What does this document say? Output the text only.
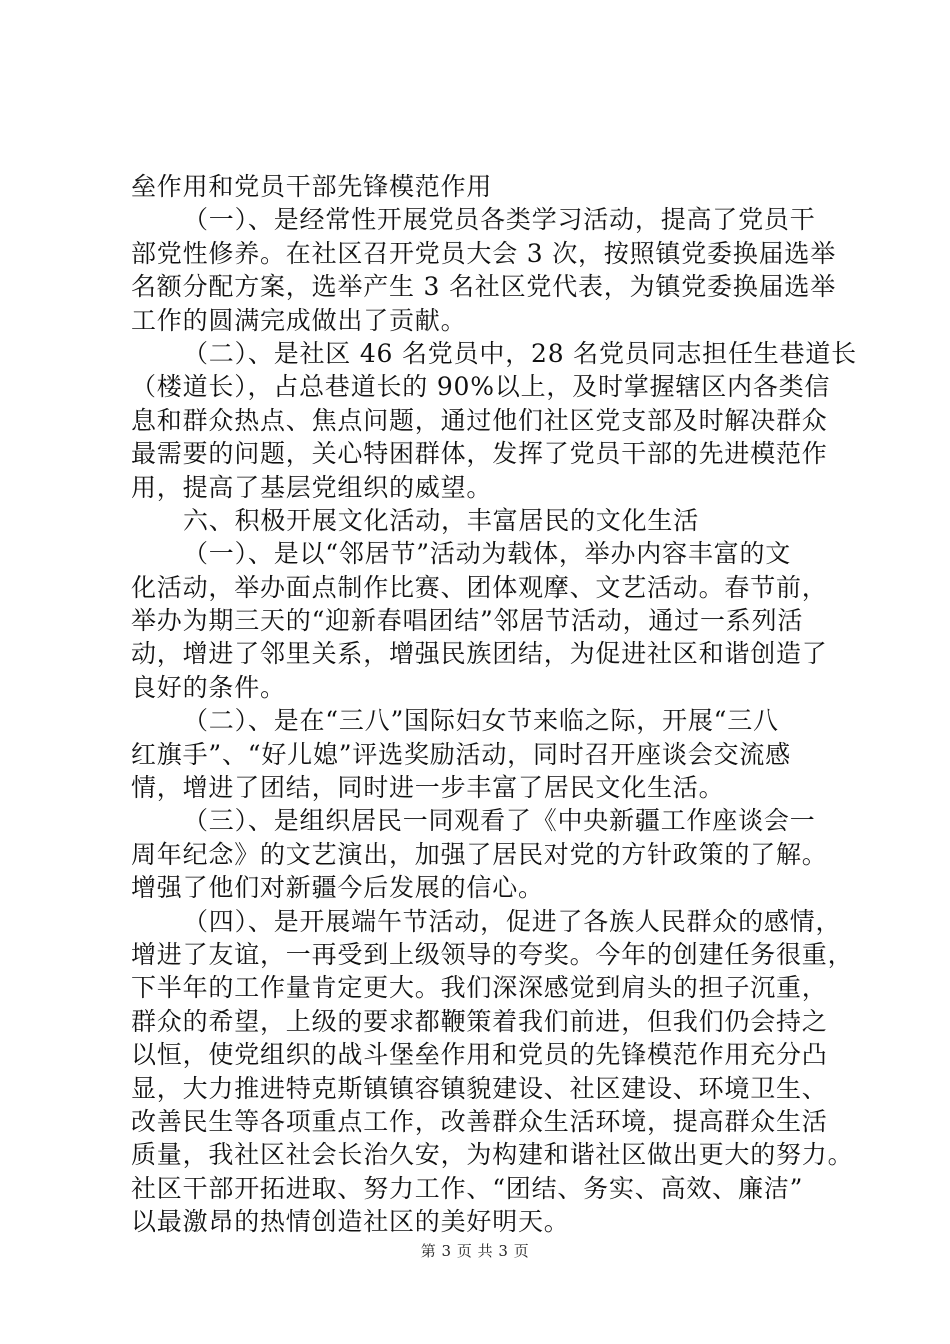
垒作用和党员干部先锋模范作用
（一）、是经常性开展党员各类学习活动，提高了党员干
部党性修养。在社区召开党员大会 3 次，按照镇党委换届选举
名额分配方案，选举产生 3 名社区党代表，为镇党委换届选举
工作的圆满完成做出了贡献。
（二）、是社区 46 名党员中，28 名党员同志担任生巷道长
（楼道长），占总巷道长的 90%以上，及时掌握辖区内各类信
息和群众热点、焦点问题，通过他们社区党支部及时解决群众
最需要的问题，关心特困群体，发挥了党员干部的先进模范作
用，提高了基层党组织的威望。
六、积极开展文化活动，丰富居民的文化生活
（一）、是以“邻居节”活动为载体，举办内容丰富的文
化活动，举办面点制作比赛、团体观摩、文艺活动。春节前，
举办为期三天的“迎新春唱团结”邻居节活动，通过一系列活
动，增进了邻里关系，增强民族团结，为促进社区和谐创造了
良好的条件。
（二）、是在“三八”国际妇女节来临之际，开展“三八
红旗手”、“好儿媳”评选奖励活动，同时召开座谈会交流感
情，增进了团结，同时进一步丰富了居民文化生活。
（三）、是组织居民一同观看了《中央新疆工作座谈会一
周年纪念》的文艺演出，加强了居民对党的方针政策的了解。
增强了他们对新疆今后发展的信心。
（四）、是开展端午节活动，促进了各族人民群众的感情，
增进了友谊，一再受到上级领导的夸奖。今年的创建任务很重，
下半年的工作量肯定更大。我们深深感觉到肩头的担子沉重，
群众的希望，上级的要求都鞭策着我们前进，但我们仍会持之
以恒，使党组织的战斗堡垒作用和党员的先锋模范作用充分凸
显，大力推进特克斯镇镇容镇貌建设、社区建设、环境卫生、
改善民生等各项重点工作，改善群众生活环境，提高群众生活
质量，我社区社会长治久安，为构建和谐社区做出更大的努力。
社区干部开拓进取、努力工作、“团结、务实、高效、廉洁”
以最激昂的热情创造社区的美好明天。
第 3 页 共 3 页
